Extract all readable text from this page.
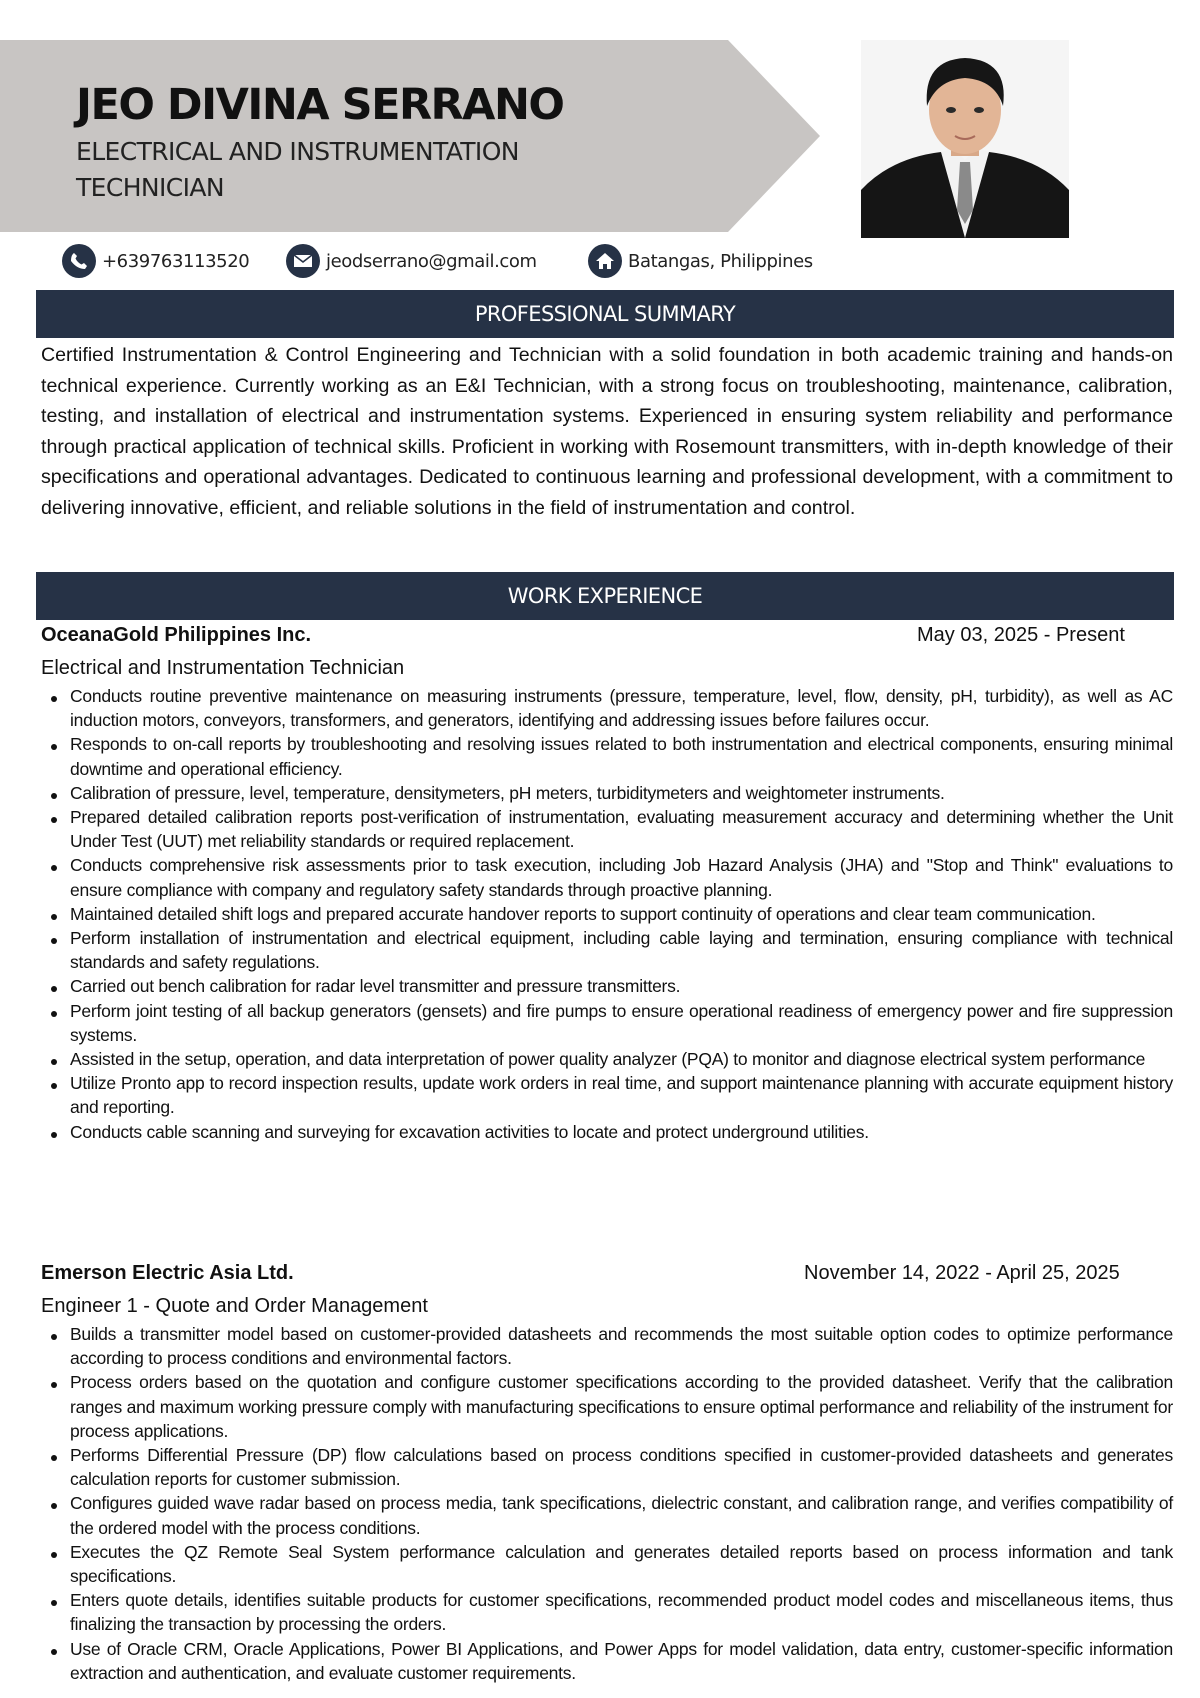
JEO DIVINA SERRANO
ELECTRICAL AND INSTRUMENTATION TECHNICIAN
+639763113520	jeodserrano@gmail.com	Batangas, Philippines
PROFESSIONAL SUMMARY

Certified Instrumentation & Control Engineering and Technician with a solid foundation in both academic training and hands-on technical experience. Currently working as an E&I Technician, with a strong focus on troubleshooting, maintenance, calibration, testing, and installation of electrical and instrumentation systems. Experienced in ensuring system reliability and performance through practical application of technical skills. Proficient in working with Rosemount transmitters, with in-depth knowledge of their specifications and operational advantages. Dedicated to continuous learning and professional development, with a commitment to delivering innovative, efficient, and reliable solutions in the field of instrumentation and control.

WORK EXPERIENCE
OceanaGold Philippines Inc.	May 03, 2025 - Present
Electrical and Instrumentation Technician
Conducts routine preventive maintenance on measuring instruments (pressure, temperature, level, flow, density, pH, turbidity), as well as AC induction motors, conveyors, transformers, and generators, identifying and addressing issues before failures occur.
Responds to on-call reports by troubleshooting and resolving issues related to both instrumentation and electrical components, ensuring minimal downtime and operational efficiency.
Calibration of pressure, level, temperature, densitymeters, pH meters, turbiditymeters and weightometer instruments.
Prepared detailed calibration reports post-verification of instrumentation, evaluating measurement accuracy and determining whether the Unit Under Test (UUT) met reliability standards or required replacement.
Conducts comprehensive risk assessments prior to task execution, including Job Hazard Analysis (JHA) and "Stop and Think" evaluations to ensure compliance with company and regulatory safety standards through proactive planning.
Maintained detailed shift logs and prepared accurate handover reports to support continuity of operations and clear team communication.
Perform installation of instrumentation and electrical equipment, including cable laying and termination, ensuring compliance with technical standards and safety regulations.
Carried out bench calibration for radar level transmitter and pressure transmitters.
Perform joint testing of all backup generators (gensets) and fire pumps to ensure operational readiness of emergency power and fire suppression systems.
Assisted in the setup, operation, and data interpretation of power quality analyzer (PQA) to monitor and diagnose electrical system performance
Utilize Pronto app to record inspection results, update work orders in real time, and support maintenance planning with accurate equipment history and reporting.
Conducts cable scanning and surveying for excavation activities to locate and protect underground utilities.
Emerson Electric Asia Ltd.	November 14, 2022 - April 25, 2025
Engineer 1 - Quote and Order Management
Builds a transmitter model based on customer-provided datasheets and recommends the most suitable option codes to optimize performance according to process conditions and environmental factors.
Process orders based on the quotation and configure customer specifications according to the provided datasheet. Verify that the calibration ranges and maximum working pressure comply with manufacturing specifications to ensure optimal performance and reliability of the instrument for process applications.
Performs Differential Pressure (DP) flow calculations based on process conditions specified in customer-provided datasheets and generates calculation reports for customer submission.
Configures guided wave radar based on process media, tank specifications, dielectric constant, and calibration range, and verifies compatibility of the ordered model with the process conditions.
Executes the QZ Remote Seal System performance calculation and generates detailed reports based on process information and tank specifications.
Enters quote details, identifies suitable products for customer specifications, recommended product model codes and miscellaneous items, thus finalizing the transaction by processing the orders.
Use of Oracle CRM, Oracle Applications, Power BI Applications, and Power Apps for model validation, data entry, customer-specific information extraction and authentication, and evaluate customer requirements.
